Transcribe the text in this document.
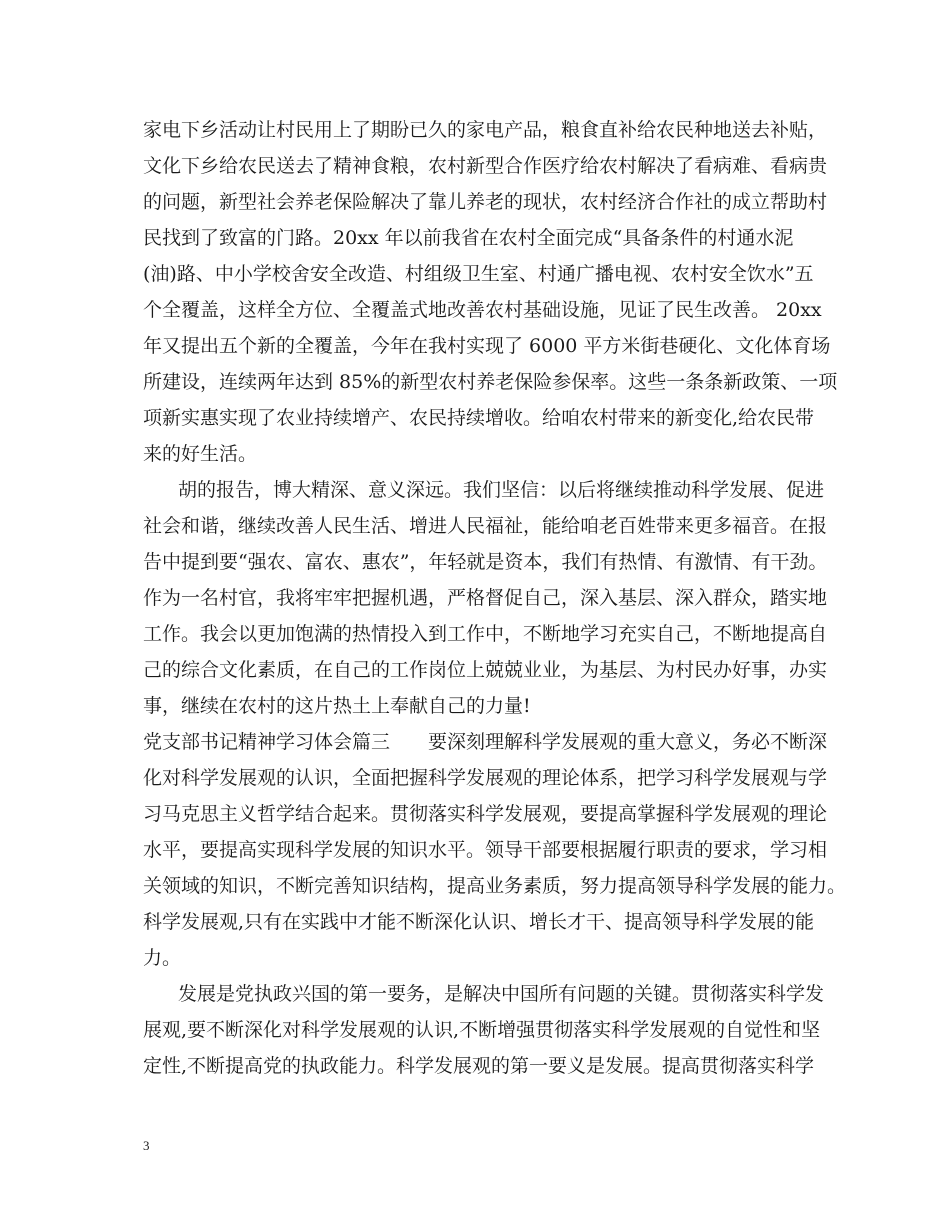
家电下乡活动让村民用上了期盼已久的家电产品，粮食直补给农民种地送去补贴，
文化下乡给农民送去了精神食粮，农村新型合作医疗给农村解决了看病难、看病贵
的问题，新型社会养老保险解决了靠儿养老的现状，农村经济合作社的成立帮助村
民找到了致富的门路。20xx 年以前我省在农村全面完成“具备条件的村通水泥
(油)路、中小学校舍安全改造、村组级卫生室、村通广播电视、农村安全饮水”五
个全覆盖，这样全方位、全覆盖式地改善农村基础设施，见证了民生改善。 20xx
年又提出五个新的全覆盖，今年在我村实现了 6000 平方米街巷硬化、文化体育场
所建设，连续两年达到 85%的新型农村养老保险参保率。这些一条条新政策、一项
项新实惠实现了农业持续增产、农民持续增收。给咱农村带来的新变化,给农民带
来的好生活。
胡的报告，博大精深、意义深远。我们坚信：以后将继续推动科学发展、促进
社会和谐，继续改善人民生活、增进人民福祉，能给咱老百姓带来更多福音。在报
告中提到要“强农、富农、惠农”，年轻就是资本，我们有热情、有激情、有干劲。
作为一名村官，我将牢牢把握机遇，严格督促自己，深入基层、深入群众，踏实地
工作。我会以更加饱满的热情投入到工作中，不断地学习充实自己，不断地提高自
己的综合文化素质，在自己的工作岗位上兢兢业业，为基层、为村民办好事，办实
事，继续在农村的这片热土上奉献自己的力量!
党支部书记精神学习体会篇三　　要深刻理解科学发展观的重大意义，务必不断深
化对科学发展观的认识，全面把握科学发展观的理论体系，把学习科学发展观与学
习马克思主义哲学结合起来。贯彻落实科学发展观，要提高掌握科学发展观的理论
水平，要提高实现科学发展的知识水平。领导干部要根据履行职责的要求，学习相
关领域的知识，不断完善知识结构，提高业务素质，努力提高领导科学发展的能力。
科学发展观,只有在实践中才能不断深化认识、增长才干、提高领导科学发展的能
力。
发展是党执政兴国的第一要务，是解决中国所有问题的关键。贯彻落实科学发
展观,要不断深化对科学发展观的认识,不断增强贯彻落实科学发展观的自觉性和坚
定性,不断提高党的执政能力。科学发展观的第一要义是发展。提高贯彻落实科学
3
